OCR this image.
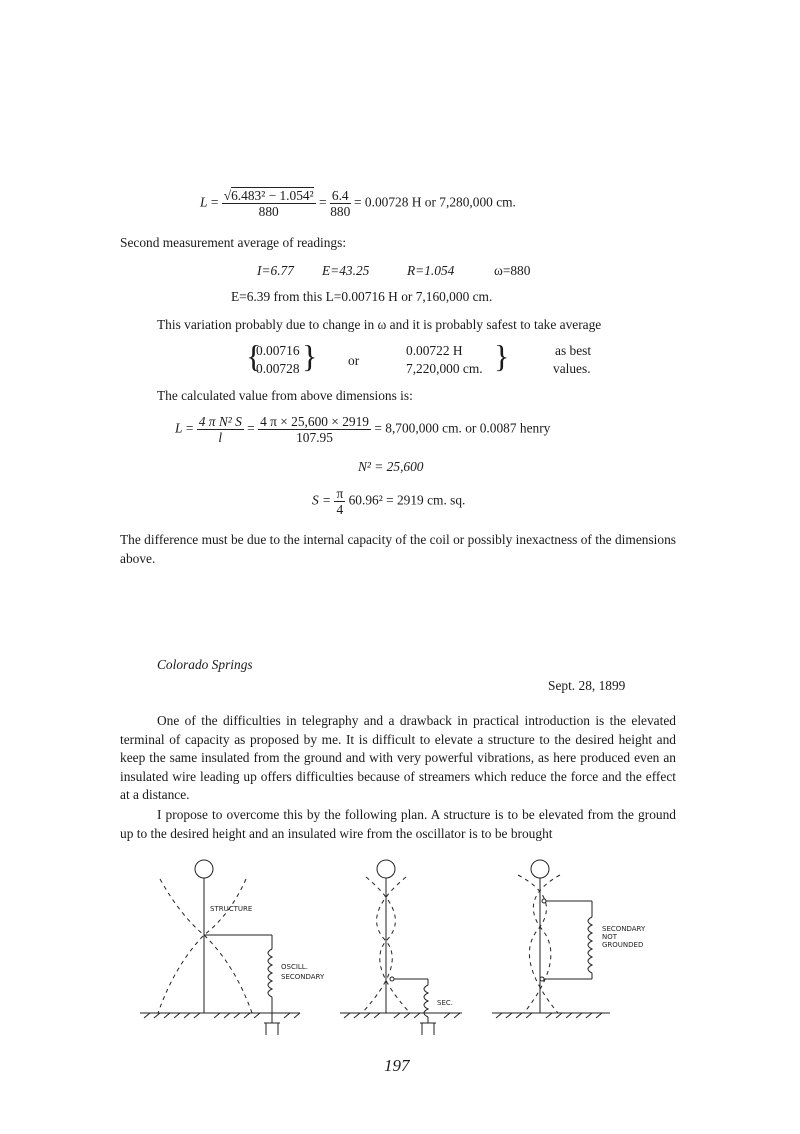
$L = \frac{\text{√6.483² − 1.054²}}{880} = \frac{6.4}{880} = 0.00728$ H or 7,280,000 cm.
Second measurement average of readings:
I=6.77 E=43.25	R=1.054	ω=880
E=6.39 from this L=0.00716 H or 7,160,000 cm.
This variation probably due to change in ω and it is probably safest to take average
{
0.00716
0.00728 } or
0.00722 H
7,220,000 cm. }	as best
values.
The calculated value from above dimensions is:
$L = \frac{\text{4 π N² S}}{l} = \frac{4 \pi \times 25,600 \times 2919}{107.95} = 8,700,000$ cm. or 0.0087 henry
N² = 25,600
$S = \frac{\pi}{4} 60.96^2 = 2919$ cm. sq.
The difference must be due to the internal capacity of the coil or possibly inexactness of the dimensions above.
Colorado Springs
Sept. 28, 1899
One of the difficulties in telegraphy and a drawback in practical introduction is the elevated terminal of capacity as proposed by me. It is difficult to elevate a structure to the desired height and keep the same insulated from the ground and with very powerful vibrations, as here produced even an insulated wire leading up offers difficulties because of streamers which reduce the force and the effect at a distance.
I propose to overcome this by the following plan. A structure is to be elevated from the ground up to the desired height and an insulated wire from the oscillator is to be brought
STRUCTURE
OSCILL.
SECONDARY
SEC.
SECONDARY
NOT
GROUNDED
197
